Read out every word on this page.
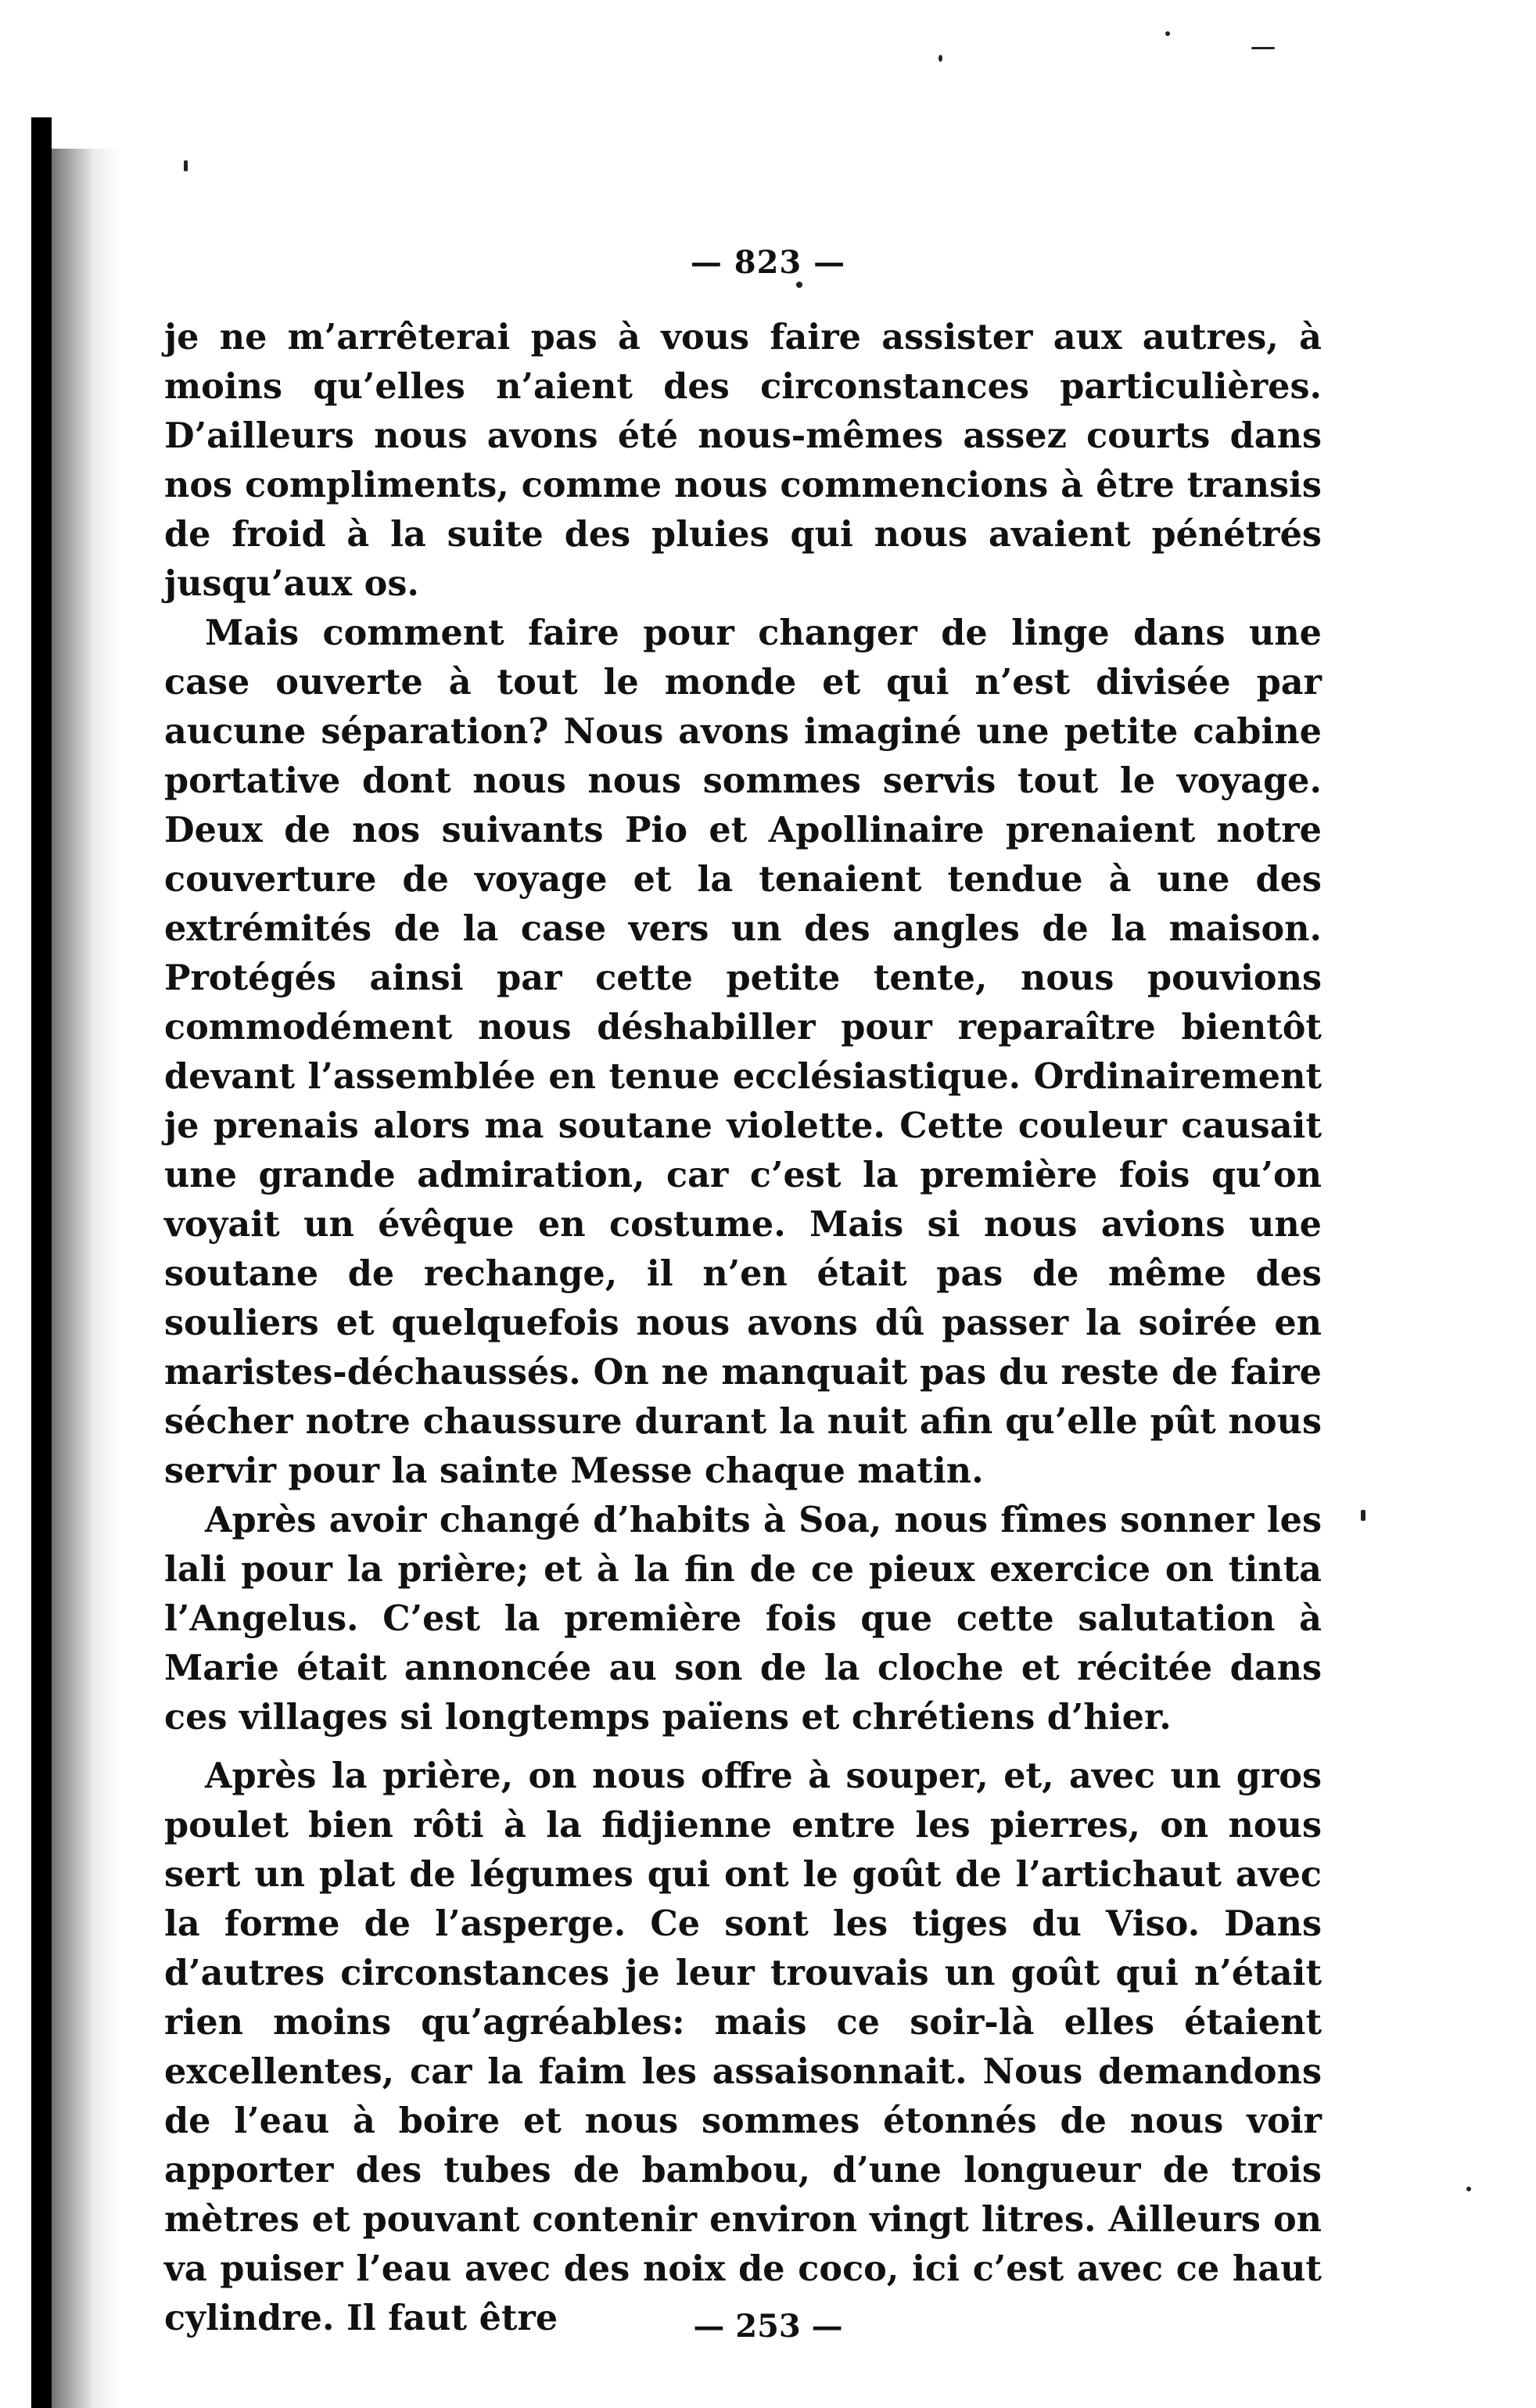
— 823 —

je ne m’arrêterai pas à vous faire assister aux autres, à moins qu’elles n’aient des circonstances particulières. D’ailleurs nous avons été nous-mêmes assez courts dans nos compliments, comme nous commencions à être transis de froid à la suite des pluies qui nous avaient pénétrés jusqu’aux os.

Mais comment faire pour changer de linge dans une case ouverte à tout le monde et qui n’est divisée par aucune séparation? Nous avons imaginé une petite cabine portative dont nous nous sommes servis tout le voyage. Deux de nos suivants Pio et Apollinaire prenaient notre couverture de voyage et la tenaient tendue à une des extrémités de la case vers un des angles de la maison. Protégés ainsi par cette petite tente, nous pouvions commodément nous déshabiller pour reparaître bientôt devant l’assemblée en tenue ecclésiastique. Ordinairement je prenais alors ma soutane violette. Cette couleur causait une grande admiration, car c’est la première fois qu’on voyait un évêque en costume. Mais si nous avions une soutane de rechange, il n’en était pas de même des souliers et quelquefois nous avons dû passer la soirée en maristes-déchaussés. On ne manquait pas du reste de faire sécher notre chaussure durant la nuit afin qu’elle pût nous servir pour la sainte Messe chaque matin.

Après avoir changé d’habits à Soa, nous fîmes sonner les lali pour la prière; et à la fin de ce pieux exercice on tinta l’Angelus. C’est la première fois que cette salutation à Marie était annoncée au son de la cloche et récitée dans ces villages si longtemps païens et chrétiens d’hier.

Après la prière, on nous offre à souper, et, avec un gros poulet bien rôti à la fidjienne entre les pierres, on nous sert un plat de légumes qui ont le goût de l’artichaut avec la forme de l’asperge. Ce sont les tiges du Viso. Dans d’autres circonstances je leur trouvais un goût qui n’était rien moins qu’agréables: mais ce soir-là elles étaient excellentes, car la faim les assaisonnait. Nous demandons de l’eau à boire et nous sommes étonnés de nous voir apporter des tubes de bambou, d’une longueur de trois mètres et pouvant contenir environ vingt litres. Ailleurs on va puiser l’eau avec des noix de coco, ici c’est avec ce haut cylindre. Il faut être	— 253 —
